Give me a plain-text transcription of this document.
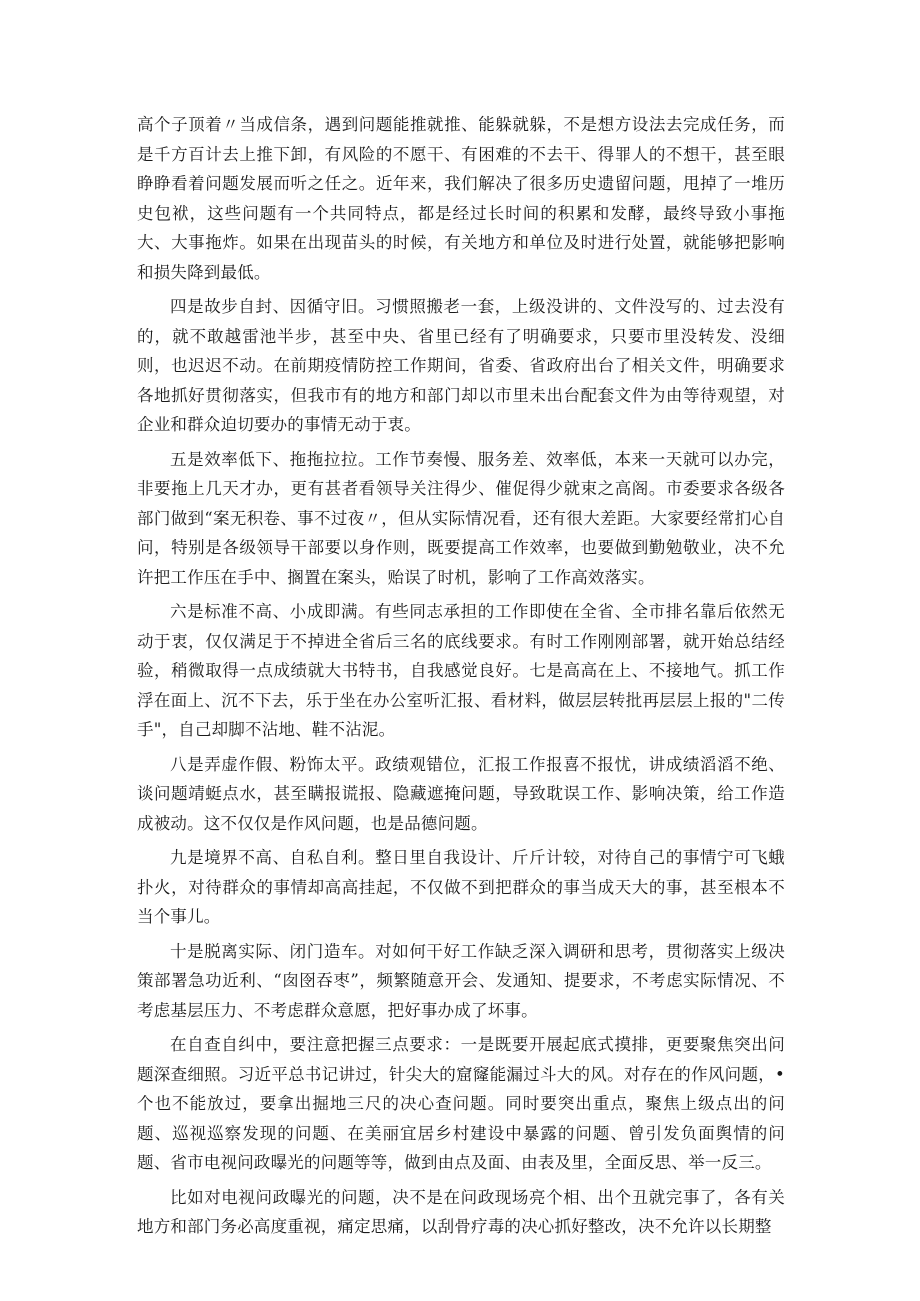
高个子顶着〃当成信条，遇到问题能推就推、能躲就躲，不是想方设法去完成任务，而是千方百计去上推下卸，有风险的不愿干、有困难的不去干、得罪人的不想干，甚至眼睁睁看着问题发展而听之任之。近年来，我们解决了很多历史遗留问题，甩掉了一堆历史包袱，这些问题有一个共同特点，都是经过长时间的积累和发酵，最终导致小事拖大、大事拖炸。如果在出现苗头的时候，有关地方和单位及时进行处置，就能够把影响和损失降到最低。

四是故步自封、因循守旧。习惯照搬老一套，上级没讲的、文件没写的、过去没有的，就不敢越雷池半步，甚至中央、省里已经有了明确要求，只要市里没转发、没细则，也迟迟不动。在前期疫情防控工作期间，省委、省政府出台了相关文件，明确要求各地抓好贯彻落实，但我市有的地方和部门却以市里未出台配套文件为由等待观望，对企业和群众迫切要办的事情无动于衷。

五是效率低下、拖拖拉拉。工作节奏慢、服务差、效率低，本来一天就可以办完，非要拖上几天才办，更有甚者看领导关注得少、催促得少就束之高阁。市委要求各级各部门做到“案无积卷、事不过夜〃，但从实际情况看，还有很大差距。大家要经常扪心自问，特别是各级领导干部要以身作则，既要提高工作效率，也要做到勤勉敬业，决不允许把工作压在手中、搁置在案头，贻误了时机，影响了工作高效落实。

六是标准不高、小成即满。有些同志承担的工作即使在全省、全市排名靠后依然无动于衷，仅仅满足于不掉进全省后三名的底线要求。有时工作刚刚部署，就开始总结经验，稍微取得一点成绩就大书特书，自我感觉良好。七是高高在上、不接地气。抓工作浮在面上、沉不下去，乐于坐在办公室听汇报、看材料，做层层转批再层层上报的"二传手"，自己却脚不沾地、鞋不沾泥。

八是弄虚作假、粉饰太平。政绩观错位，汇报工作报喜不报忧，讲成绩滔滔不绝、谈问题靖蜓点水，甚至瞒报谎报、隐藏遮掩问题，导致耽误工作、影响决策，给工作造成被动。这不仅仅是作风问题，也是品德问题。

九是境界不高、自私自利。整日里自我设计、斤斤计较，对待自己的事情宁可飞蛾扑火，对待群众的事情却高高挂起，不仅做不到把群众的事当成天大的事，甚至根本不当个事儿。

十是脱离实际、闭门造车。对如何干好工作缺乏深入调研和思考，贯彻落实上级决策部署急功近利、“囱囹吞枣”，频繁随意开会、发通知、提要求，不考虑实际情况、不考虑基层压力、不考虑群众意愿，把好事办成了坏事。

在自查自纠中，要注意把握三点要求：一是既要开展起底式摸排，更要聚焦突出问题深查细照。习近平总书记讲过，针尖大的窟窿能漏过斗大的风。对存在的作风问题，•个也不能放过，要拿出掘地三尺的决心查问题。同时要突出重点，聚焦上级点出的问题、巡视巡察发现的问题、在美丽宜居乡村建设中暴露的问题、曾引发负面舆情的问题、省市电视问政曝光的问题等等，做到由点及面、由表及里，全面反思、举一反三。

比如对电视问政曝光的问题，决不是在问政现场亮个相、出个丑就完事了，各有关地方和部门务必高度重视，痛定思痛，以刮骨疗毒的决心抓好整改，决不允许以长期整
